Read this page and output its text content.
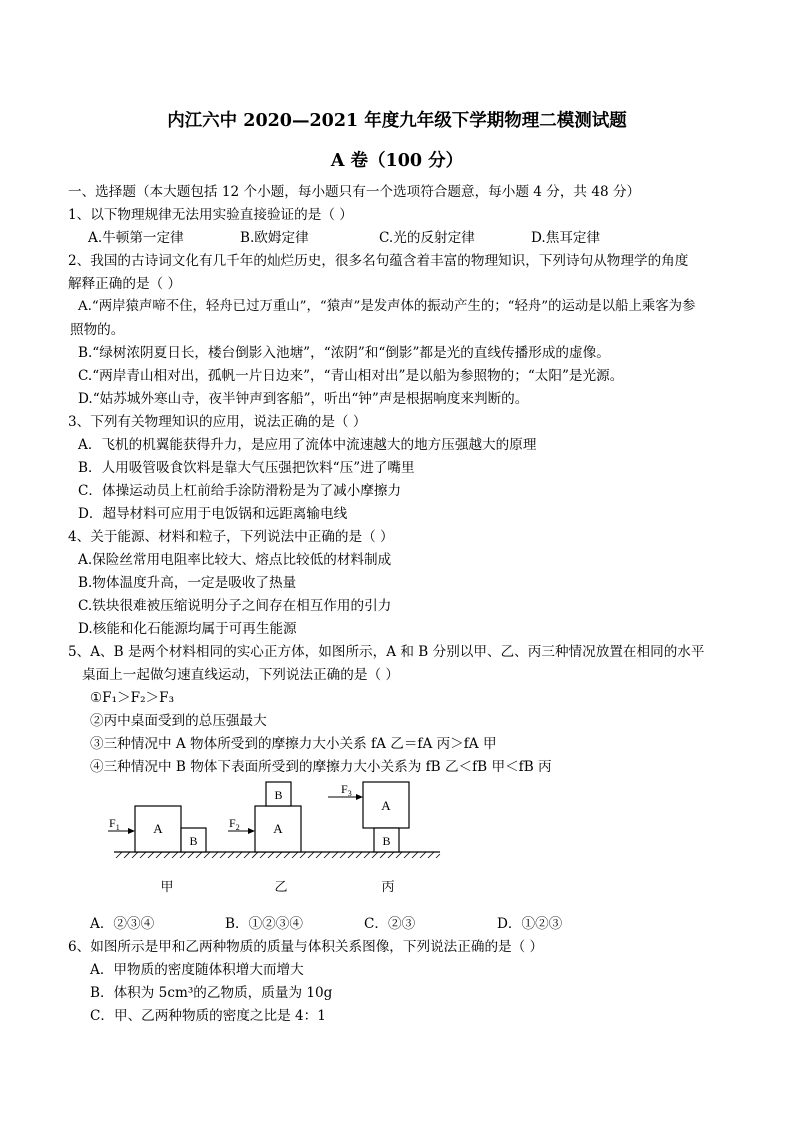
内江六中 2020—2021 年度九年级下学期物理二模测试题
A 卷（100 分）
一、选择题（本大题包括 12 个小题，每小题只有一个选项符合题意，每小题 4 分，共 48 分）
1、以下物理规律无法用实验直接验证的是（ ）
A.牛顿第一定律	B.欧姆定律	C.光的反射定律	D.焦耳定律
2、我国的古诗词文化有几千年的灿烂历史，很多名句蕴含着丰富的物理知识，下列诗句从物理学的角度
解释正确的是（ ）
A.“两岸猿声啼不住，轻舟已过万重山”，“猿声”是发声体的振动产生的；“轻舟”的运动是以船上乘客为参
照物的。
B.“绿树浓阴夏日长，楼台倒影入池塘”，“浓阴”和“倒影”都是光的直线传播形成的虚像。
C.“两岸青山相对出，孤帆一片日边来”，“青山相对出”是以船为参照物的；“太阳”是光源。
D.“姑苏城外寒山寺，夜半钟声到客船”，听出“钟”声是根据响度来判断的。
3、下列有关物理知识的应用，说法正确的是（ ）
A．飞机的机翼能获得升力，是应用了流体中流速越大的地方压强越大的原理
B．人用吸管吸食饮料是靠大气压强把饮料“压”进了嘴里
C．体操运动员上杠前给手涂防滑粉是为了减小摩擦力
D．超导材料可应用于电饭锅和远距离输电线
4、关于能源、材料和粒子，下列说法中正确的是（ ）
A.保险丝常用电阻率比较大、熔点比较低的材料制成
B.物体温度升高，一定是吸收了热量
C.铁块很难被压缩说明分子之间存在相互作用的引力
D.核能和化石能源均属于可再生能源
5、A、B 是两个材料相同的实心正方体，如图所示，A 和 B 分别以甲、乙、丙三种情况放置在相同的水平
桌面上一起做匀速直线运动，下列说法正确的是（ ）
①F₁＞F₂＞F₃
②丙中桌面受到的总压强最大
③三种情况中 A 物体所受到的摩擦力大小关系 fA 乙＝fA 丙＞fA 甲
④三种情况中 B 物体下表面所受到的摩擦力大小关系为 fB 乙＜fB 甲＜fB 丙
A
B
$F_1$	A
B
$F_2$
A
B
$F_3$
甲	乙	丙
A．②③④	B．①②③④	C．②③	D．①②③
6、如图所示是甲和乙两种物质的质量与体积关系图像，下列说法正确的是（ ）
A．甲物质的密度随体积增大而增大
B．体积为 5cm³的乙物质，质量为 10g
C．甲、乙两种物质的密度之比是 4：1
